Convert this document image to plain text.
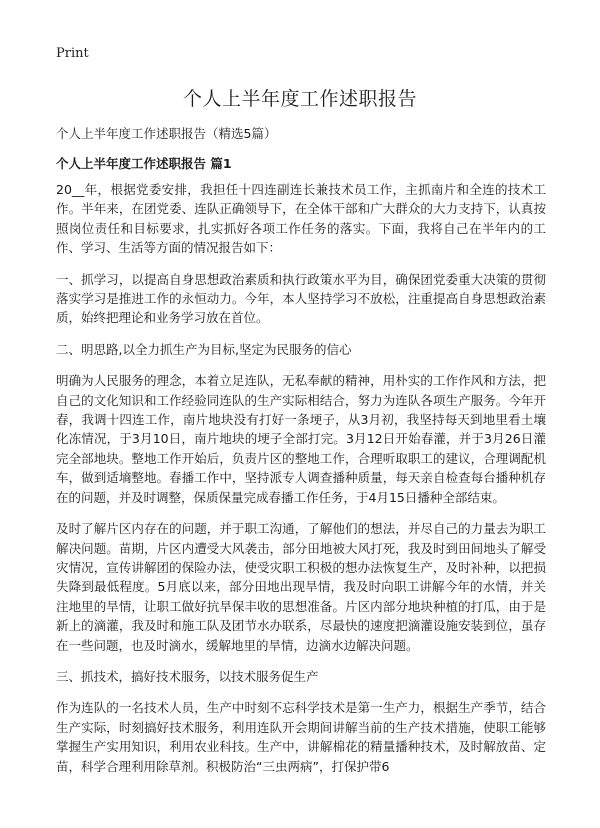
Print

个人上半年度工作述职报告

个人上半年度工作述职报告（精选5篇）

个人上半年度工作述职报告 篇1

20__年，根据党委安排，我担任十四连副连长兼技术员工作，主抓南片和全连的技术工作。半年来，在团党委、连队正确领导下，在全体干部和广大群众的大力支持下，认真按照岗位责任和目标要求，扎实抓好各项工作任务的落实。下面，我将自己在半年内的工作、学习、生活等方面的情况报告如下：

一、抓学习，以提高自身思想政治素质和执行政策水平为目，确保团党委重大决策的贯彻落实学习是推进工作的永恒动力。今年，本人坚持学习不放松，注重提高自身思想政治素质，始终把理论和业务学习放在首位。

二、明思路,以全力抓生产为目标,坚定为民服务的信心

明确为人民服务的理念，本着立足连队，无私奉献的精神，用朴实的工作作风和方法，把自己的文化知识和工作经验同连队的生产实际相结合，努力为连队各项生产服务。今年开春，我调十四连工作，南片地块没有打好一条埂子，从3月初，我坚持每天到地里看土壤化冻情况，于3月10日，南片地块的埂子全部打完。3月12日开始春灌，并于3月26日灌完全部地块。整地工作开始后，负责片区的整地工作，合理听取职工的建议，合理调配机车，做到适墒整地。春播工作中，坚持派专人调查播种质量，每天亲自检查每台播种机存在的问题，并及时调整，保质保量完成春播工作任务，于4月15日播种全部结束。

及时了解片区内存在的问题，并于职工沟通，了解他们的想法，并尽自己的力量去为职工解决问题。苗期，片区内遭受大风袭击，部分田地被大风打死，我及时到田间地头了解受灾情况，宣传讲解团的保险办法，使受灾职工积极的想办法恢复生产，及时补种，以把损失降到最低程度。5月底以来，部分田地出现旱情，我及时向职工讲解今年的水情，并关注地里的旱情，让职工做好抗旱保丰收的思想准备。片区内部分地块种植的打瓜，由于是新上的滴灌，我及时和施工队及团节水办联系，尽最快的速度把滴灌设施安装到位，虽存在一些问题，也及时滴水，缓解地里的旱情，边滴水边解决问题。

三、抓技术，搞好技术服务，以技术服务促生产

作为连队的一名技术人员，生产中时刻不忘科学技术是第一生产力，根据生产季节，结合生产实际，时刻搞好技术服务，利用连队开会期间讲解当前的生产技术措施，使职工能够掌握生产实用知识，利用农业科技。生产中，讲解棉花的精量播种技术，及时解放苗、定苗，科学合理利用除草剂。积极防治“三虫两病”，打保护带6
